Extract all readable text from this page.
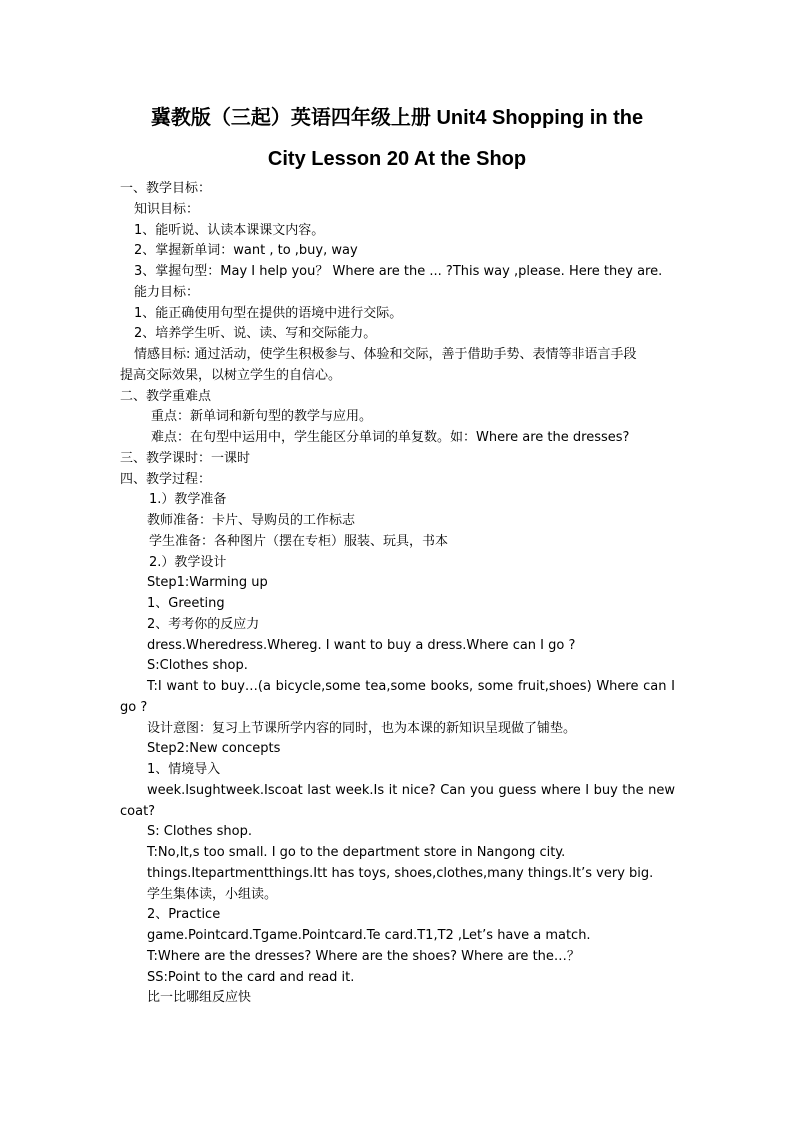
冀教版（三起）英语四年级上册 Unit4 Shopping in the
City Lesson 20 At the Shop
一、教学目标：
知识目标：
1、能听说、认读本课课文内容。
2、掌握新单词：want , to ,buy, way
3、掌握句型：May I help you？ Where are the ... ?This way ,please. Here they are.
能力目标：
1、能正确使用句型在提供的语境中进行交际。
2、培养学生听、说、读、写和交际能力。
情感目标: 通过活动，使学生积极参与、体验和交际，善于借助手势、表情等非语言手段
提高交际效果，以树立学生的自信心。
二、教学重难点
重点：新单词和新句型的教学与应用。
难点：在句型中运用中，学生能区分单词的单复数。如：Where are the dresses?
三、教学课时：一课时
四、教学过程：
1.）教学准备
教师准备：卡片、导购员的工作标志
学生准备：各种图片（摆在专柜）服装、玩具，书本
2.）教学设计
Step1:Warming up
1、Greeting
2、考考你的反应力
dress.Wheredress.Whereg. I want to buy a dress.Where can I go ?
S:Clothes shop.
T:I want to buy…(a bicycle,some tea,some books, some fruit,shoes) Where can I
go ?
设计意图：复习上节课所学内容的同时，也为本课的新知识呈现做了铺垫。
Step2:New concepts
1、情境导入
week.Isughtweek.Iscoat last week.Is it nice? Can you guess where I buy the new
coat?
S: Clothes shop.
T:No,It,s too small. I go to the department store in Nangong city.
things.Itepartmentthings.Itt has toys, shoes,clothes,many things.It’s very big.
学生集体读，小组读。
2、Practice
game.Pointcard.Tgame.Pointcard.Te card.T1,T2 ,Let’s have a match.
T:Where are the dresses? Where are the shoes? Where are the…？
SS:Point to the card and read it.
比一比哪组反应快
